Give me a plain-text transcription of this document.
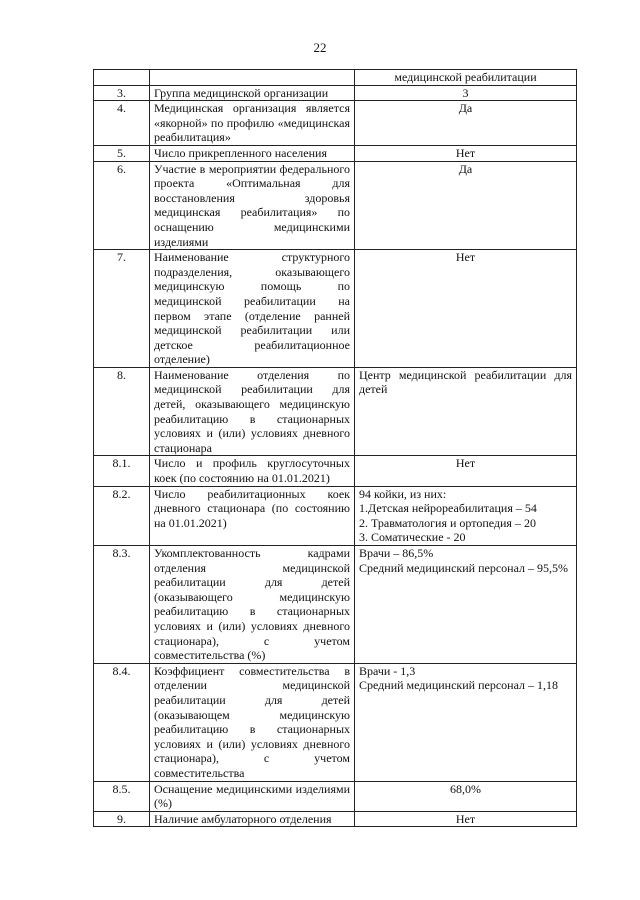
22

		медицинской реабилитации

3.	Группа медицинской организации	3

4.	Медицинская организация является «якорной» по профилю «медицинская реабилитация»	Да

5.	Число прикрепленного населения	Нет

6.	Участие в мероприятии федерального проекта «Оптимальная для восстановления здоровья медицинская реабилитация» по оснащению медицинскими изделиями	Да

7.	Наименование структурного подразделения, оказывающего медицинскую помощь по медицинской реабилитации на первом этапе (отделение ранней медицинской реабилитации или детское реабилитационное отделение)	Нет

8.	Наименование отделения по медицинской реабилитации для детей, оказывающего медицинскую реабилитацию в стационарных условиях и (или) условиях дневного стационара	Центр медицинской реабилитации для детей

8.1.	Число и профиль круглосуточных коек (по состоянию на 01.01.2021)	Нет

8.2.	Число реабилитационных коек дневного стационара (по состоянию на 01.01.2021)	94 койки, из них:
1.Детская нейрореабилитация – 54
2. Травматология и ортопедия – 20
3. Соматические - 20

8.3.	Укомплектованность кадрами отделения медицинской реабилитации для детей (оказывающего медицинскую реабилитацию в стационарных условиях и (или) условиях дневного стационара), с учетом совместительства (%)	Врачи – 86,5%
Средний медицинский персонал – 95,5%

8.4.	Коэффициент совместительства в отделении медицинской реабилитации для детей (оказывающем медицинскую реабилитацию в стационарных условиях и (или) условиях дневного стационара), с учетом совместительства	Врачи - 1,3
Средний медицинский персонал – 1,18

8.5.	Оснащение медицинскими изделиями (%)	68,0%

9.	Наличие амбулаторного отделения	Нет
